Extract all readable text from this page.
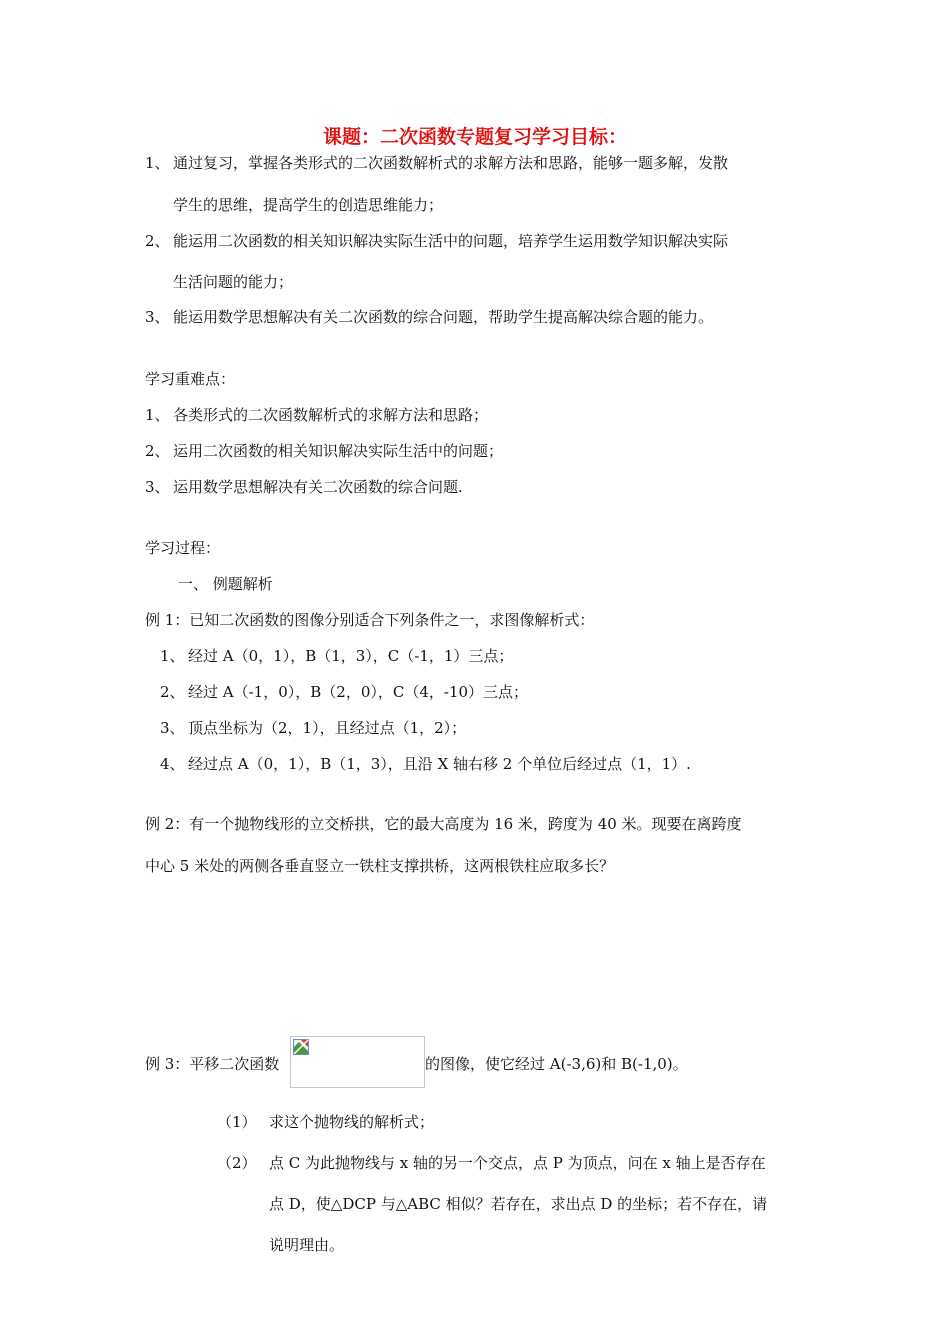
课题：二次函数专题复习学习目标：
1、 通过复习，掌握各类形式的二次函数解析式的求解方法和思路，能够一题多解，发散
学生的思维，提高学生的创造思维能力；
2、 能运用二次函数的相关知识解决实际生活中的问题，培养学生运用数学知识解决实际
生活问题的能力；
3、 能运用数学思想解决有关二次函数的综合问题，帮助学生提高解决综合题的能力。
学习重难点：
1、 各类形式的二次函数解析式的求解方法和思路；
2、 运用二次函数的相关知识解决实际生活中的问题；
3、 运用数学思想解决有关二次函数的综合问题.
学习过程：
一、 例题解析
例 1：已知二次函数的图像分别适合下列条件之一，求图像解析式：
1、 经过 A（0，1），B（1，3），C（-1，1）三点；
2、 经过 A（-1，0），B（2，0），C（4，-10）三点；
3、 顶点坐标为（2，1），且经过点（1，2）；
4、 经过点 A（0，1），B（1，3），且沿 X 轴右移 2 个单位后经过点（1，1）.
例 2：有一个抛物线形的立交桥拱，它的最大高度为 16 米，跨度为 40 米。现要在离跨度
中心 5 米处的两侧各垂直竖立一铁柱支撑拱桥，这两根铁柱应取多长？
例 3：平移二次函数	的图像，使它经过 A(-3,6)和 B(-1,0)。
（1） 求这个抛物线的解析式；
（2） 点 C 为此抛物线与 x 轴的另一个交点，点 P 为顶点，问在 x 轴上是否存在
点 D，使△DCP 与△ABC 相似？若存在，求出点 D 的坐标；若不存在，请
说明理由。
